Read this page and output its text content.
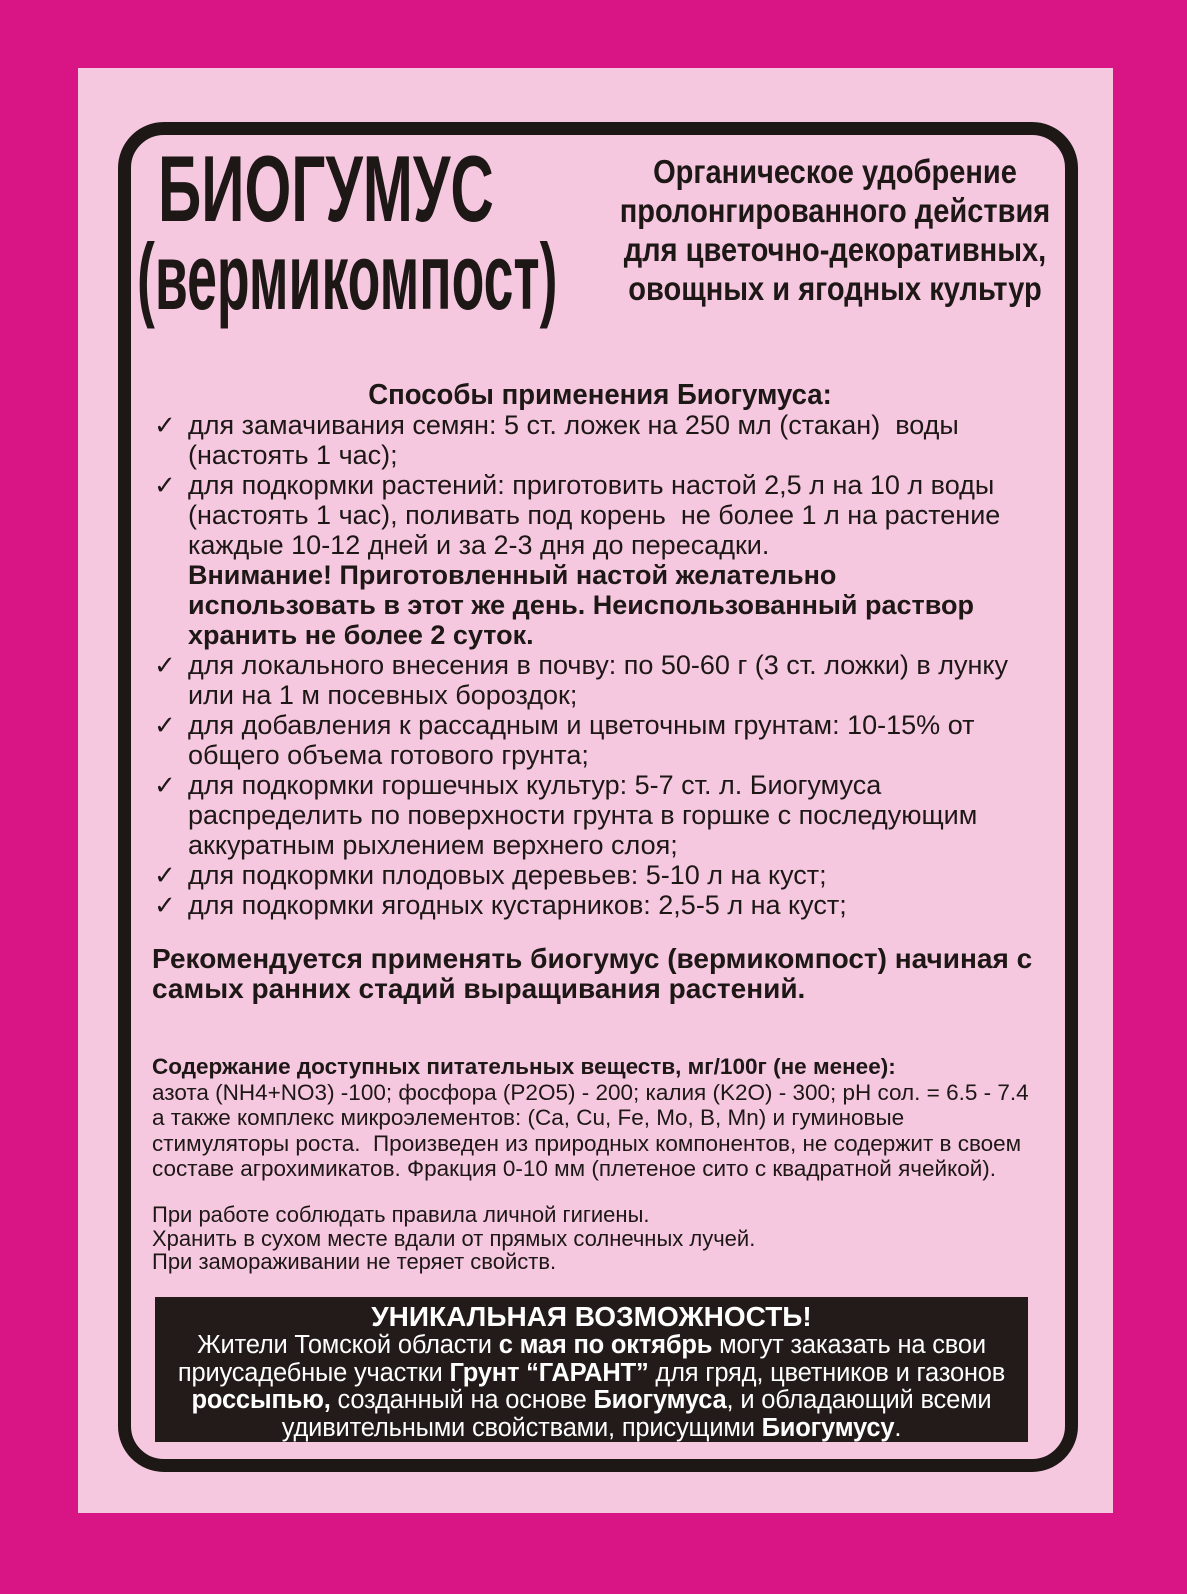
БИОГУМУС
(вермикомпост)
Органическое удобрение
пролонгированного действия
для цветочно-декоративных,
овощных и ягодных культур
Способы применения Биогумуса:
✓ для замачивания семян: 5 ст. ложек на 250 мл (стакан)  воды
(настоять 1 час);
✓ для подкормки растений: приготовить настой 2,5 л на 10 л воды
(настоять 1 час), поливать под корень  не более 1 л на растение
каждые 10-12 дней и за 2-3 дня до пересадки.
Внимание! Приготовленный настой желательно
использовать в этот же день. Неиспользованный раствор
хранить не более 2 суток.
✓ для локального внесения в почву: по 50-60 г (3 ст. ложки) в лунку
или на 1 м посевных бороздок;
✓ для добавления к рассадным и цветочным грунтам: 10-15% от
общего объема готового грунта;
✓ для подкормки горшечных культур: 5-7 ст. л. Биогумуса
распределить по поверхности грунта в горшке с последующим
аккуратным рыхлением верхнего слоя;
✓ для подкормки плодовых деревьев: 5-10 л на куст;
✓ для подкормки ягодных кустарников: 2,5-5 л на куст;
Рекомендуется применять биогумус (вермикомпост) начиная с
самых ранних стадий выращивания растений.
Содержание доступных питательных веществ, мг/100г (не менее):
азота (NH4+NO3) -100; фосфора (P2O5) - 200; калия (K2O) - 300; pH сол. = 6.5 - 7.4
а также комплекс микроэлементов: (Ca, Cu, Fe, Mo, B, Mn) и гуминовые
стимуляторы роста.  Произведен из природных компонентов, не содержит в своем
составе агрохимикатов. Фракция 0-10 мм (плетеное сито с квадратной ячейкой).
При работе соблюдать правила личной гигиены.
Хранить в сухом месте вдали от прямых солнечных лучей.
При замораживании не теряет свойств.
УНИКАЛЬНАЯ ВОЗМОЖНОСТЬ!
Жители Томской области с мая по октябрь могут заказать на свои
приусадебные участки Грунт “ГАРАНТ” для гряд, цветников и газонов
россыпью, созданный на основе Биогумуса, и обладающий всеми
удивительными свойствами, присущими Биогумусу.
